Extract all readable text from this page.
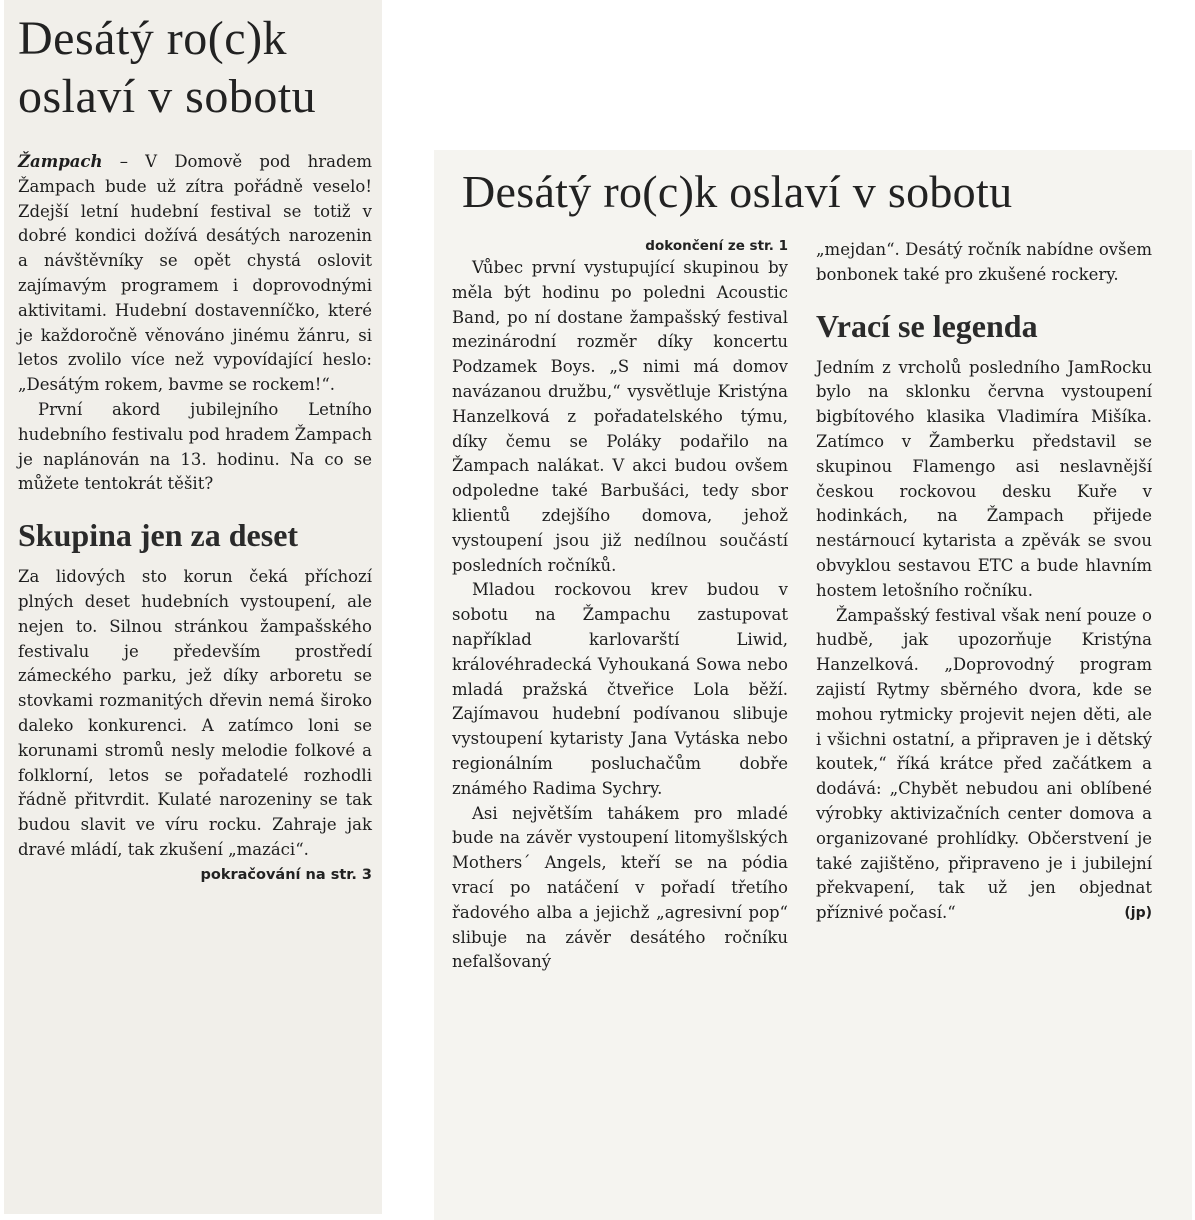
Desátý ro(c)k
oslaví v sobotu

Žampach – V Domově pod hradem Žampach bude už zítra pořádně veselo! Zdejší letní hudební festival se totiž v dobré kondici dožívá desátých narozenin a návštěvníky se opět chystá oslovit zajímavým programem i doprovodnými aktivitami. Hudební dostavenníčko, které je každoročně věnováno jinému žánru, si letos zvolilo více než vypovídající heslo: „Desátým rokem, bavme se rockem!“.

První akord jubilejního Letního hudebního festivalu pod hradem Žampach je naplánován na 13. hodinu. Na co se můžete tentokrát těšit?

Skupina jen za deset

Za lidových sto korun čeká příchozí plných deset hudebních vystoupení, ale nejen to. Silnou stránkou žampašského festivalu je především prostředí zámeckého parku, jež díky arboretu se stovkami rozmanitých dřevin nemá široko daleko konkurenci. A zatímco loni se korunami stromů nesly melodie folkové a folklorní, letos se pořadatelé rozhodli řádně přitvrdit. Kulaté narozeniny se tak budou slavit ve víru rocku. Zahraje jak dravé mládí, tak zkušení „mazáci“.

pokračování na str. 3
Desátý ro(c)k oslaví v sobotu
dokončení ze str. 1

Vůbec první vystupující skupinou by měla být hodinu po poledni Acoustic Band, po ní dostane žampašský festival mezinárodní rozměr díky koncertu Podzamek Boys. „S nimi má domov navázanou družbu,“ vysvětluje Kristýna Hanzelková z pořadatelského týmu, díky čemu se Poláky podařilo na Žampach nalákat. V akci budou ovšem odpoledne také Barbušáci, tedy sbor klientů zdejšího domova, jehož vystoupení jsou již nedílnou součástí posledních ročníků.

Mladou rockovou krev budou v sobotu na Žampachu zastupovat například karlovarští Liwid, královéhradecká Vyhoukaná Sowa nebo mladá pražská čtveřice Lola běží. Zajímavou hudební podívanou slibuje vystoupení kytaristy Jana Vytáska nebo regionálním posluchačům dobře známého Radima Sychry.

Asi největším tahákem pro mladé bude na závěr vystoupení litomyšlských Mothers´ Angels, kteří se na pódia vrací po natáčení v pořadí třetího řadového alba a jejichž „agresivní pop“ slibuje na závěr desátého ročníku nefalšovaný

„mejdan“. Desátý ročník nabídne ovšem bonbonek také pro zkušené rockery.

Vrací se legenda

Jedním z vrcholů posledního JamRocku bylo na sklonku června vystoupení bigbítového klasika Vladimíra Mišíka. Zatímco v Žamberku představil se skupinou Flamengo asi neslavnější českou rockovou desku Kuře v hodinkách, na Žampach přijede nestárnoucí kytarista a zpěvák se svou obvyklou sestavou ETC a bude hlavním hostem letošního ročníku.

Žampašský festival však není pouze o hudbě, jak upozorňuje Kristýna Hanzelková. „Doprovodný program zajistí Rytmy sběrného dvora, kde se mohou rytmicky projevit nejen děti, ale i všichni ostatní, a připraven je i dětský koutek,“ říká krátce před začátkem a dodává: „Chybět nebudou ani oblíbené výrobky aktivizačních center domova a organizované prohlídky. Občerstvení je také zajištěno, připraveno je i jubilejní překvapení, tak už jen objednat příznivé počasí.“	(jp)
